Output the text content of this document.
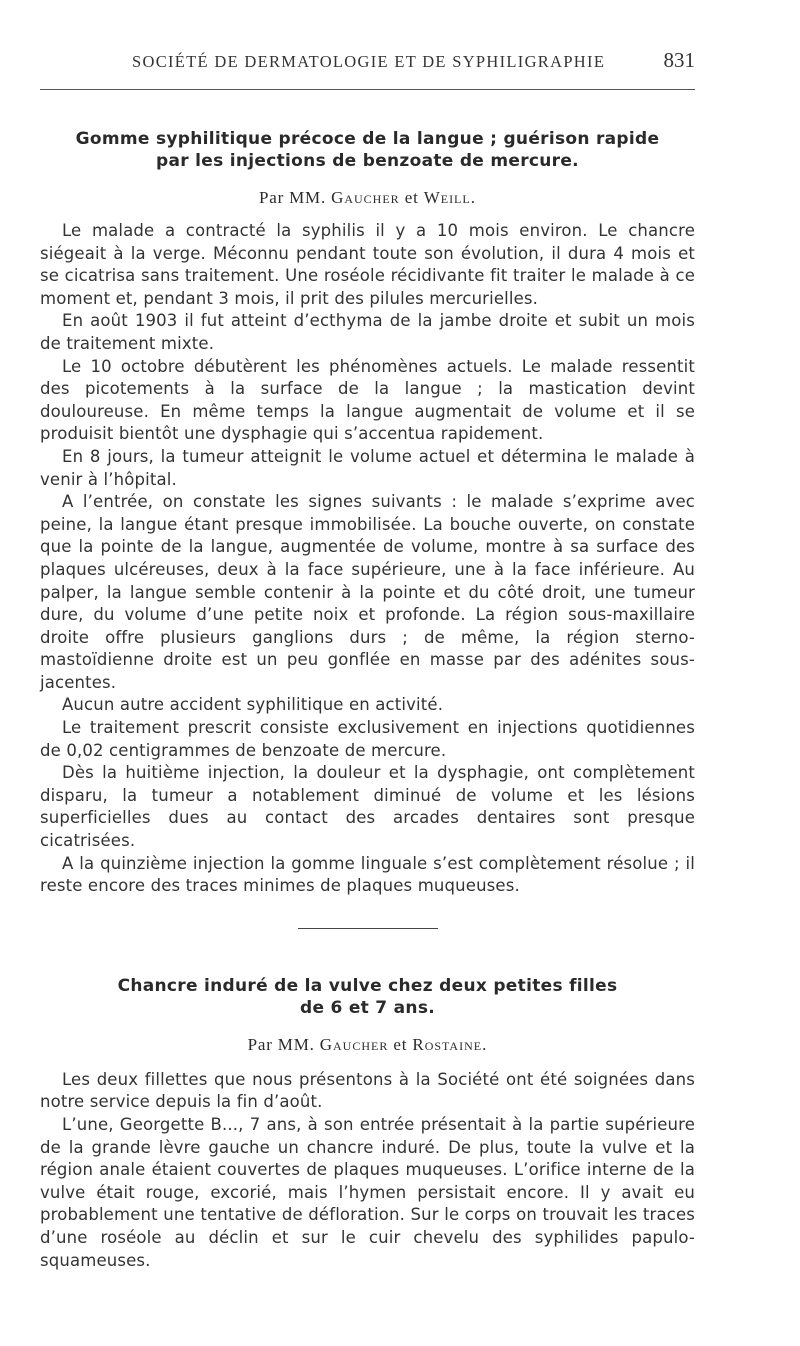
SOCIÉTÉ DE DERMATOLOGIE ET DE SYPHILIGRAPHIE	831
Gomme syphilitique précoce de la langue ; guérison rapide
par les injections de benzoate de mercure.
Par MM. Gaucher et Weill.

Le malade a contracté la syphilis il y a 10 mois environ. Le chancre siégeait à la verge. Méconnu pendant toute son évolution, il dura 4 mois et se cicatrisa sans traitement. Une roséole récidivante fit traiter le malade à ce moment et, pendant 3 mois, il prit des pilules mercurielles.

En août 1903 il fut atteint d’ecthyma de la jambe droite et subit un mois de traitement mixte.

Le 10 octobre débutèrent les phénomènes actuels. Le malade ressentit des picotements à la surface de la langue ; la mastication devint douloureuse. En même temps la langue augmentait de volume et il se produisit bientôt une dysphagie qui s’accentua rapidement.

En 8 jours, la tumeur atteignit le volume actuel et détermina le malade à venir à l’hôpital.

A l’entrée, on constate les signes suivants : le malade s’exprime avec peine, la langue étant presque immobilisée. La bouche ouverte, on constate que la pointe de la langue, augmentée de volume, montre à sa surface des plaques ulcéreuses, deux à la face supérieure, une à la face inférieure. Au palper, la langue semble contenir à la pointe et du côté droit, une tumeur dure, du volume d’une petite noix et profonde. La région sous-maxillaire droite offre plusieurs ganglions durs ; de même, la région sterno-mastoïdienne droite est un peu gonflée en masse par des adénites sous-jacentes.

Aucun autre accident syphilitique en activité.

Le traitement prescrit consiste exclusivement en injections quotidiennes de 0,02 centigrammes de benzoate de mercure.

Dès la huitième injection, la douleur et la dysphagie, ont complètement disparu, la tumeur a notablement diminué de volume et les lésions superficielles dues au contact des arcades dentaires sont presque cicatrisées.

A la quinzième injection la gomme linguale s’est complètement résolue ; il reste encore des traces minimes de plaques muqueuses.

Chancre induré de la vulve chez deux petites filles
de 6 et 7 ans.
Par MM. Gaucher et Rostaine.

Les deux fillettes que nous présentons à la Société ont été soignées dans notre service depuis la fin d’août.

L’une, Georgette B..., 7 ans, à son entrée présentait à la partie supérieure de la grande lèvre gauche un chancre induré. De plus, toute la vulve et la région anale étaient couvertes de plaques muqueuses. L’orifice interne de la vulve était rouge, excorié, mais l’hymen persistait encore. Il y avait eu probablement une tentative de défloration. Sur le corps on trouvait les traces d’une roséole au déclin et sur le cuir chevelu des syphilides papulo-squameuses.
